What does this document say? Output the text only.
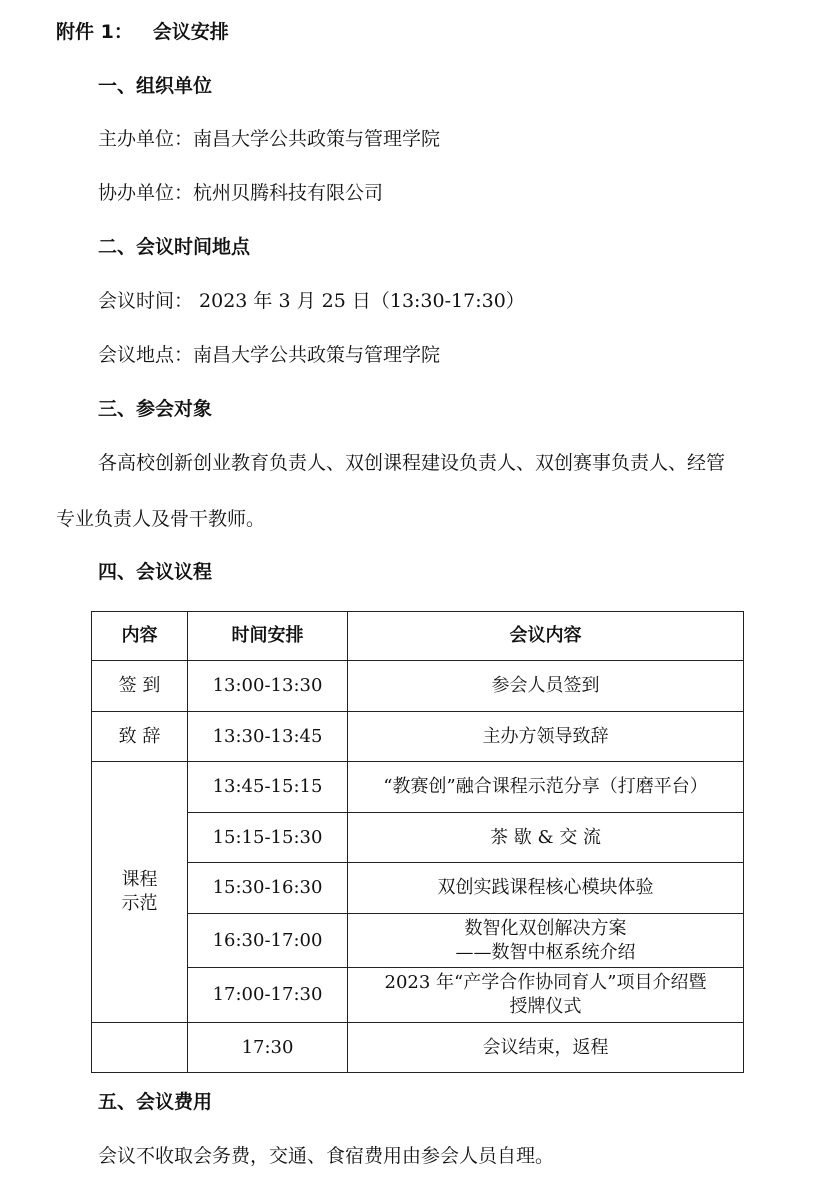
附件 1： 会议安排
一、组织单位
主办单位：南昌大学公共政策与管理学院
协办单位：杭州贝腾科技有限公司
二、会议时间地点
会议时间： 2023 年 3 月 25 日（13:30-17:30）
会议地点：南昌大学公共政策与管理学院
三、参会对象
各高校创新创业教育负责人、双创课程建设负责人、双创赛事负责人、经管
专业负责人及骨干教师。
四、会议议程
内容	时间安排	会议内容
签 到	13:00-13:30	参会人员签到
致 辞	13:30-13:45	主办方领导致辞

课程
示范	13:45-15:15	“教赛创”融合课程示范分享（打磨平台）
	15:15-15:30	茶 歇 & 交 流
	15:30-16:30	双创实践课程核心模块体验
	16:30-17:00	数智化双创解决方案
——数智中枢系统介绍

	17:00-17:30	2023 年“产学合作协同育人”项目介绍暨
授牌仪式

	17:30	会议结束，返程
五、会议费用
会议不收取会务费，交通、食宿费用由参会人员自理。
